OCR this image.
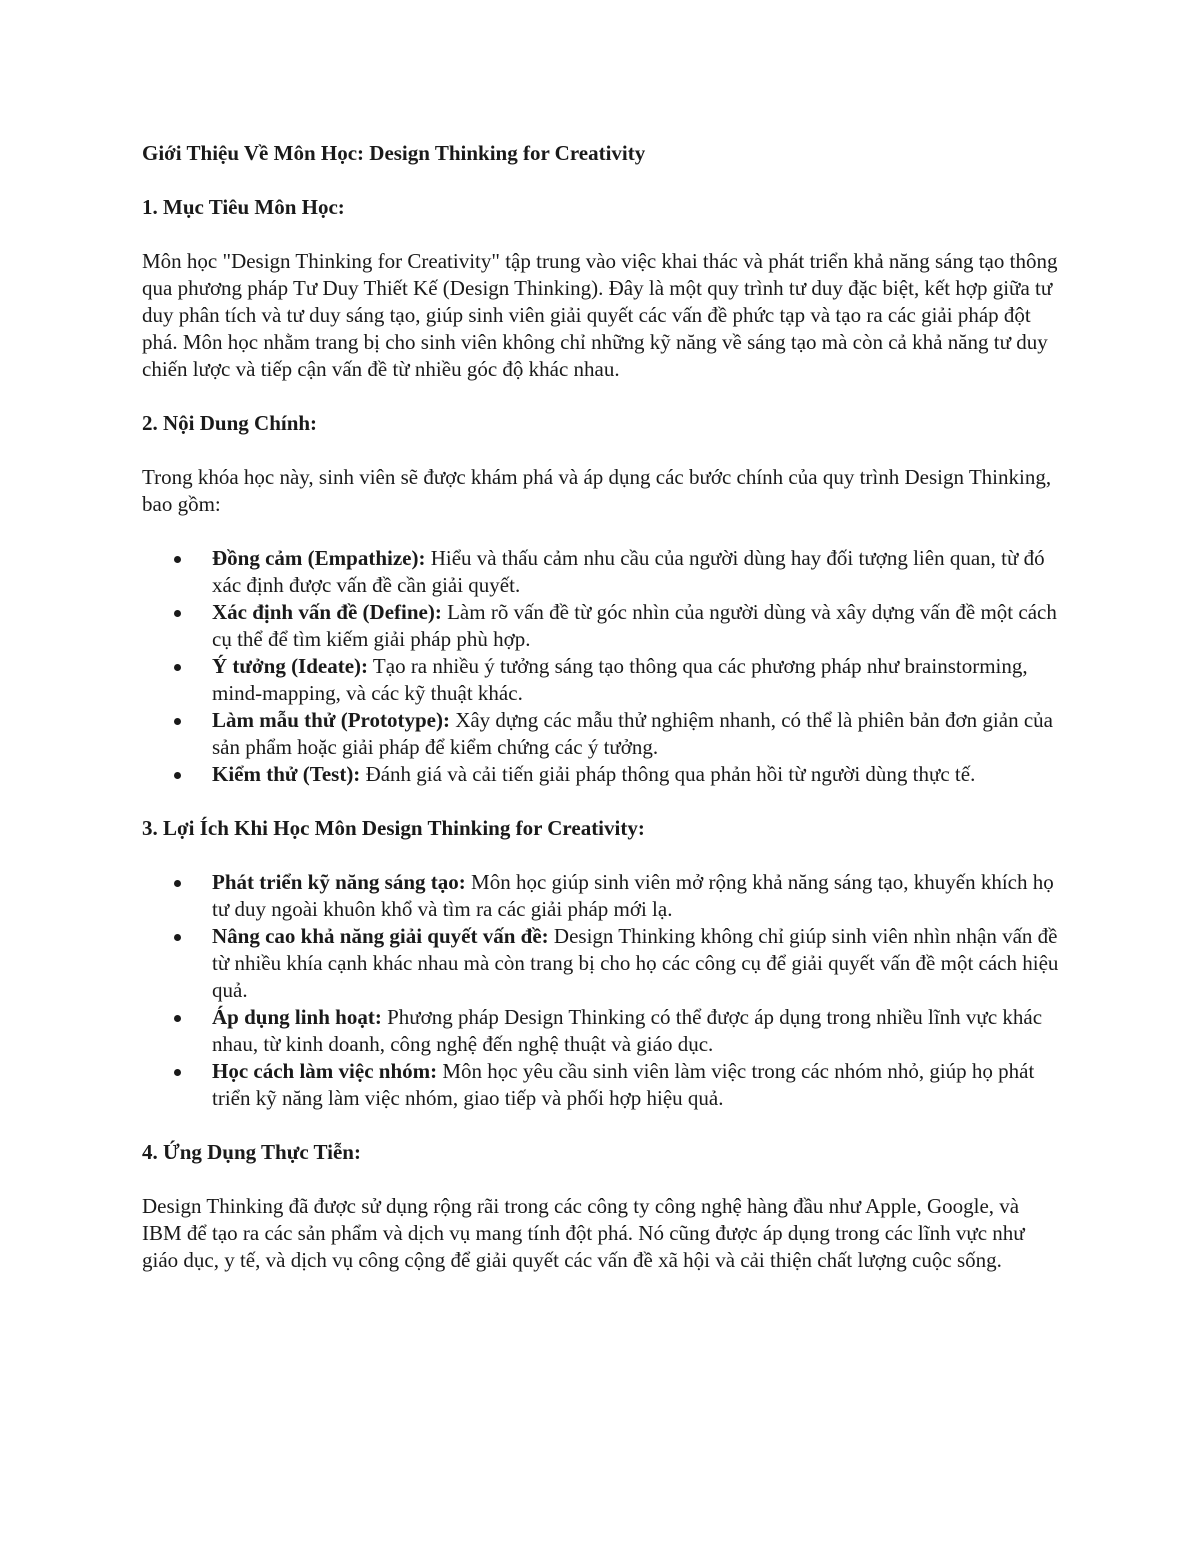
Giới Thiệu Về Môn Học: Design Thinking for Creativity
1. Mục Tiêu Môn Học:
Môn học "Design Thinking for Creativity" tập trung vào việc khai thác và phát triển khả năng sáng tạo thông qua phương pháp Tư Duy Thiết Kế (Design Thinking). Đây là một quy trình tư duy đặc biệt, kết hợp giữa tư duy phân tích và tư duy sáng tạo, giúp sinh viên giải quyết các vấn đề phức tạp và tạo ra các giải pháp đột phá. Môn học nhằm trang bị cho sinh viên không chỉ những kỹ năng về sáng tạo mà còn cả khả năng tư duy chiến lược và tiếp cận vấn đề từ nhiều góc độ khác nhau.
2. Nội Dung Chính:
Trong khóa học này, sinh viên sẽ được khám phá và áp dụng các bước chính của quy trình Design Thinking, bao gồm:
Đồng cảm (Empathize): Hiểu và thấu cảm nhu cầu của người dùng hay đối tượng liên quan, từ đó xác định được vấn đề cần giải quyết.
Xác định vấn đề (Define): Làm rõ vấn đề từ góc nhìn của người dùng và xây dựng vấn đề một cách cụ thể để tìm kiếm giải pháp phù hợp.
Ý tưởng (Ideate): Tạo ra nhiều ý tưởng sáng tạo thông qua các phương pháp như brainstorming, mind-mapping, và các kỹ thuật khác.
Làm mẫu thử (Prototype): Xây dựng các mẫu thử nghiệm nhanh, có thể là phiên bản đơn giản của sản phẩm hoặc giải pháp để kiểm chứng các ý tưởng.
Kiểm thử (Test): Đánh giá và cải tiến giải pháp thông qua phản hồi từ người dùng thực tế.
3. Lợi Ích Khi Học Môn Design Thinking for Creativity:
Phát triển kỹ năng sáng tạo: Môn học giúp sinh viên mở rộng khả năng sáng tạo, khuyến khích họ tư duy ngoài khuôn khổ và tìm ra các giải pháp mới lạ.
Nâng cao khả năng giải quyết vấn đề: Design Thinking không chỉ giúp sinh viên nhìn nhận vấn đề từ nhiều khía cạnh khác nhau mà còn trang bị cho họ các công cụ để giải quyết vấn đề một cách hiệu quả.
Áp dụng linh hoạt: Phương pháp Design Thinking có thể được áp dụng trong nhiều lĩnh vực khác nhau, từ kinh doanh, công nghệ đến nghệ thuật và giáo dục.
Học cách làm việc nhóm: Môn học yêu cầu sinh viên làm việc trong các nhóm nhỏ, giúp họ phát triển kỹ năng làm việc nhóm, giao tiếp và phối hợp hiệu quả.
4. Ứng Dụng Thực Tiễn:
Design Thinking đã được sử dụng rộng rãi trong các công ty công nghệ hàng đầu như Apple, Google, và IBM để tạo ra các sản phẩm và dịch vụ mang tính đột phá. Nó cũng được áp dụng trong các lĩnh vực như giáo dục, y tế, và dịch vụ công cộng để giải quyết các vấn đề xã hội và cải thiện chất lượng cuộc sống.
